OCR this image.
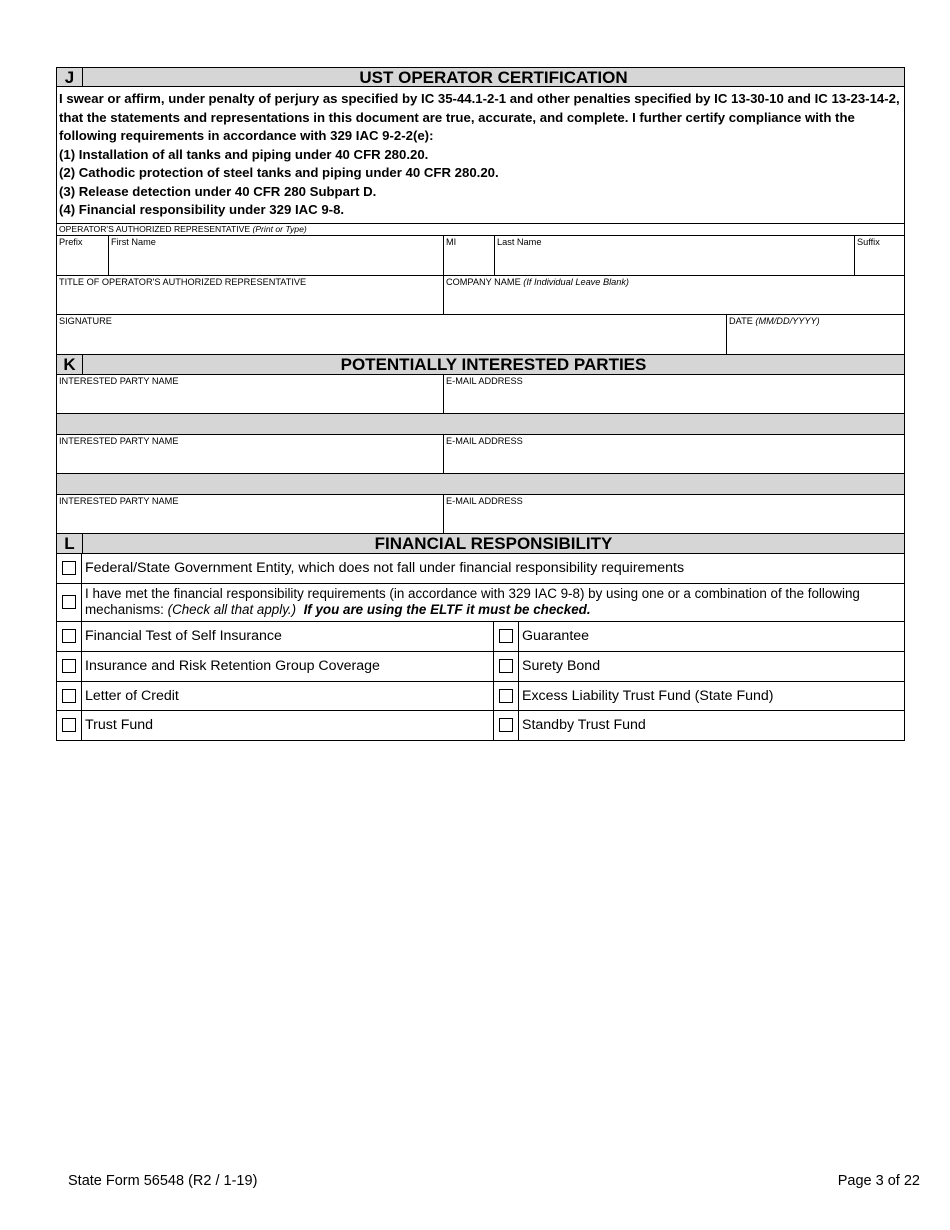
J	UST OPERATOR CERTIFICATION

I swear or affirm, under penalty of perjury as specified by IC 35-44.1-2-1 and other penalties specified by IC 13-30-10 and IC 13-23-14-2, that the statements and representations in this document are true, accurate, and complete. I further certify compliance with the following requirements in accordance with 329 IAC 9-2-2(e):

(1) Installation of all tanks and piping under 40 CFR 280.20.

(2) Cathodic protection of steel tanks and piping under 40 CFR 280.20.

(3) Release detection under 40 CFR 280 Subpart D.

(4) Financial responsibility under 329 IAC 9-8.

OPERATOR'S AUTHORIZED REPRESENTATIVE (Print or Type)
Prefix	First Name	MI	Last Name	Suffix
TITLE OF OPERATOR'S AUTHORIZED REPRESENTATIVE	COMPANY NAME (If Individual Leave Blank)
SIGNATURE	DATE (MM/DD/YYYY)
K	POTENTIALLY INTERESTED PARTIES
INTERESTED PARTY NAME	E-MAIL ADDRESS
INTERESTED PARTY NAME	E-MAIL ADDRESS
INTERESTED PARTY NAME	E-MAIL ADDRESS
L	FINANCIAL RESPONSIBILITY
Federal/State Government Entity, which does not fall under financial responsibility requirements
I have met the financial responsibility requirements (in accordance with 329 IAC 9-8) by using one or a combination of the following mechanisms: (Check all that apply.) If you are using the ELTF it must be checked.
Financial Test of Self Insurance	Guarantee
Insurance and Risk Retention Group Coverage	Surety Bond
Letter of Credit	Excess Liability Trust Fund (State Fund)
Trust Fund	Standby Trust Fund
State Form 56548 (R2 / 1-19)	Page 3 of 22
